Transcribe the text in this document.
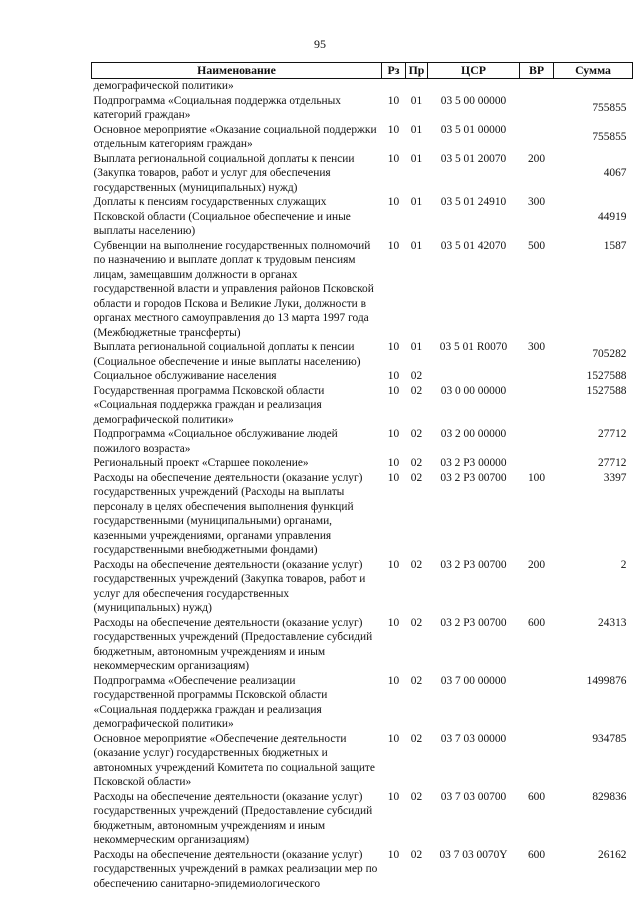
95
Наименование	Рз	Пр	ЦСР	ВР	Сумма
демографической политики»					
Подпрограмма «Социальная поддержка отдельных категорий граждан»	10	01	03 5 00 00000		755855
Основное мероприятие «Оказание социальной поддержки отдельным категориям граждан»	10	01	03 5 01 00000		755855
Выплата региональной социальной доплаты к пенсии (Закупка товаров, работ и услуг для обеспечения государственных (муниципальных) нужд)	10	01	03 5 01 20070	200	4067
Доплаты к пенсиям государственных служащих Псковской области (Социальное обеспечение и иные выплаты населению)	10	01	03 5 01 24910	300	44919
Субвенции на выполнение государственных полномочий по назначению и выплате доплат к трудовым пенсиям лицам, замещавшим должности в органах государственной власти и управления районов Псковской области и городов Пскова и Великие Луки, должности в органах местного самоуправления до 13 марта 1997 года (Межбюджетные трансферты)	10	01	03 5 01 42070	500	1587
Выплата региональной социальной доплаты к пенсии (Социальное обеспечение и иные выплаты населению)	10	01	03 5 01 R0070	300	705282
Социальное обслуживание населения	10	02			1527588
Государственная программа Псковской области «Социальная поддержка граждан и реализация демографической политики»	10	02	03 0 00 00000		1527588
Подпрограмма «Социальное обслуживание людей пожилого возраста»	10	02	03 2 00 00000		27712
Региональный проект «Старшее поколение»	10	02	03 2 P3 00000		27712
Расходы на обеспечение деятельности (оказание услуг) государственных учреждений (Расходы на выплаты персоналу в целях обеспечения выполнения функций государственными (муниципальными) органами, казенными учреждениями, органами управления государственными внебюджетными фондами)	10	02	03 2 P3 00700	100	3397
Расходы на обеспечение деятельности (оказание услуг) государственных учреждений (Закупка товаров, работ и услуг для обеспечения государственных (муниципальных) нужд)	10	02	03 2 P3 00700	200	2
Расходы на обеспечение деятельности (оказание услуг) государственных учреждений (Предоставление субсидий бюджетным, автономным учреждениям и иным некоммерческим организациям)	10	02	03 2 P3 00700	600	24313
Подпрограмма «Обеспечение реализации государственной программы Псковской области «Социальная поддержка граждан и реализация демографической политики»	10	02	03 7 00 00000		1499876
Основное мероприятие «Обеспечение деятельности (оказание услуг) государственных бюджетных и автономных учреждений Комитета по социальной защите Псковской области»	10	02	03 7 03 00000		934785
Расходы на обеспечение деятельности (оказание услуг) государственных учреждений (Предоставление субсидий бюджетным, автономным учреждениям и иным некоммерческим организациям)	10	02	03 7 03 00700	600	829836
Расходы на обеспечение деятельности (оказание услуг) государственных учреждений в рамках реализации мер по обеспечению санитарно-эпидемиологического	10	02	03 7 03 0070Y	600	26162
